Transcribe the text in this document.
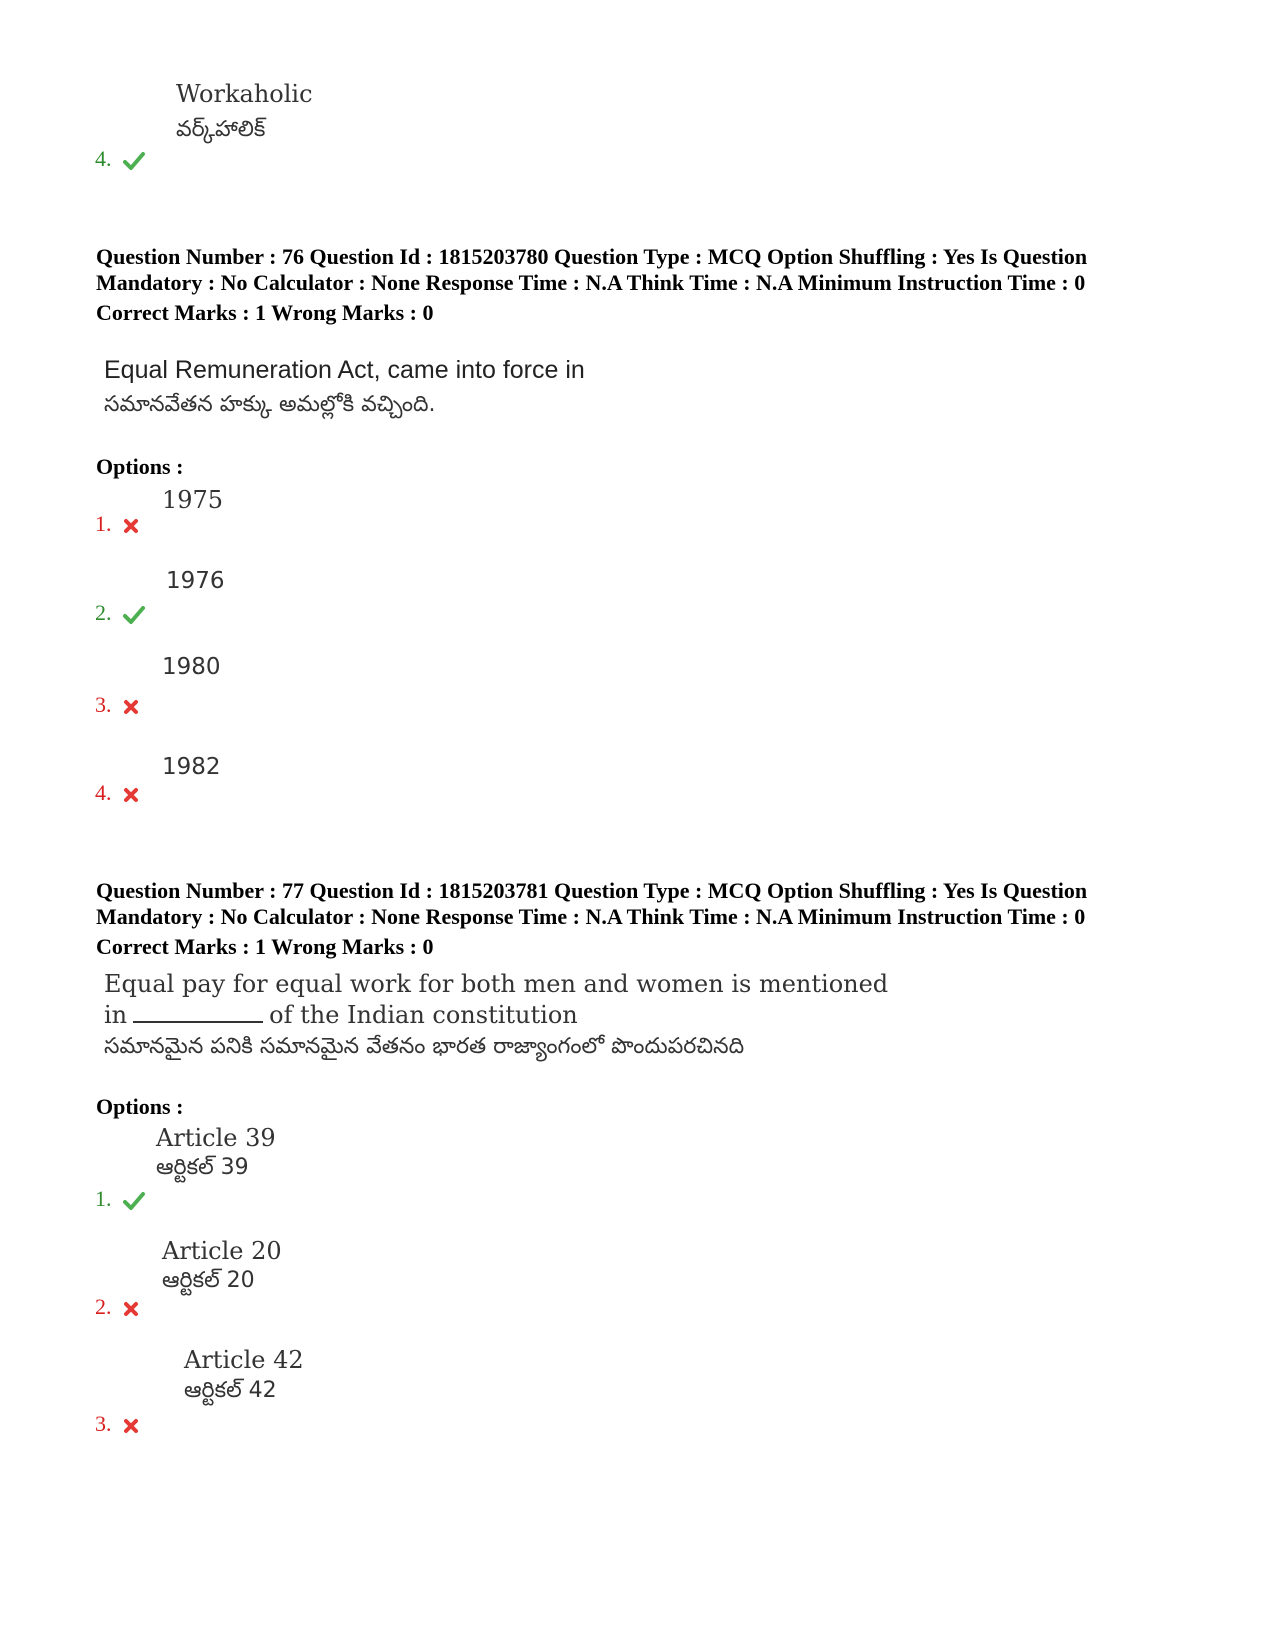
Workaholic
వర్క్‌హాలిక్
4.
Question Number : 76 Question Id : 1815203780 Question Type : MCQ Option Shuffling : Yes Is Question
Mandatory : No Calculator : None Response Time : N.A Think Time : N.A Minimum Instruction Time : 0
Correct Marks : 1 Wrong Marks : 0
Equal Remuneration Act, came into force in
సమానవేతన హక్కు అమల్లోకి వచ్చింది.
Options :
1975
1.
1976
2.
1980
3.
1982
4.
Question Number : 77 Question Id : 1815203781 Question Type : MCQ Option Shuffling : Yes Is Question
Mandatory : No Calculator : None Response Time : N.A Think Time : N.A Minimum Instruction Time : 0
Correct Marks : 1 Wrong Marks : 0
Equal pay for equal work for both men and women is mentioned
in	of the Indian constitution
సమానమైన పనికి సమానమైన వేతనం భారత రాజ్యాంగంలో పొందుపరచినది
Options :
Article 39
ఆర్టికల్ 39
1.
Article 20
ఆర్టికల్ 20
2.
Article 42
ఆర్టికల్ 42
3.
